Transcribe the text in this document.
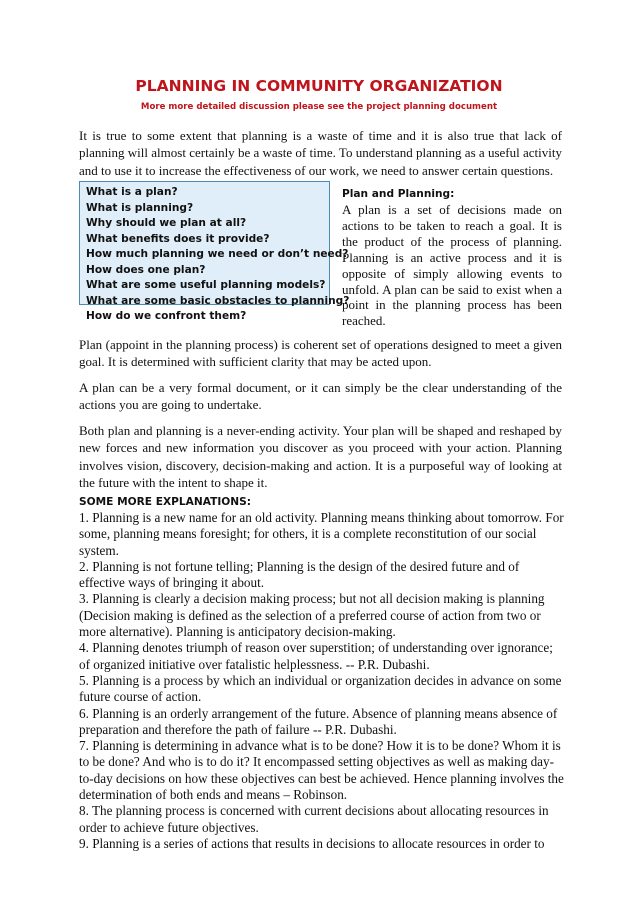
PLANNING IN COMMUNITY ORGANIZATION
More more detailed discussion please see the project planning document

It is true to some extent that planning is a waste of time and it is also true that lack of planning will almost certainly be a waste of time. To understand planning as a useful activity and to use it to increase the effectiveness of our work, we need to answer certain questions.

What is a plan?
What is planning?
Why should we plan at all?
What benefits does it provide?
How much planning we need or don’t need?
How does one plan?
What are some useful planning models?
What are some basic obstacles to planning?
How do we confront them?
Plan and Planning:

A plan is a set of decisions made on actions to be taken to reach a goal. It is the product of the process of planning. Planning is an active process and it is opposite of simply allowing events to unfold. A plan can be said to exist when a point in the planning process has been reached.

Plan (appoint in the planning process) is coherent set of operations designed to meet a given goal. It is determined with sufficient clarity that may be acted upon.

A plan can be a very formal document, or it can simply be the clear understanding of the actions you are going to undertake.

Both plan and planning is a never-ending activity. Your plan will be shaped and reshaped by new forces and new information you discover as you proceed with your action. Planning involves vision, discovery, decision-making and action. It is a purposeful way of looking at the future with the intent to shape it.

SOME MORE EXPLANATIONS:
1. Planning is a new name for an old activity. Planning means thinking about tomorrow. For some, planning means foresight; for others, it is a complete reconstitution of our social system.
2. Planning is not fortune telling; Planning is the design of the desired future and of effective ways of bringing it about.
3. Planning is clearly a decision making process; but not all decision making is planning (Decision making is defined as the selection of a preferred course of action from two or more alternative). Planning is anticipatory decision-making.
4. Planning denotes triumph of reason over superstition; of understanding over ignorance; of organized initiative over fatalistic helplessness. -- P.R. Dubashi.
5. Planning is a process by which an individual or organization decides in advance on some future course of action.
6. Planning is an orderly arrangement of the future. Absence of planning means absence of preparation and therefore the path of failure -- P.R. Dubashi.
7. Planning is determining in advance what is to be done? How it is to be done? Whom it is to be done? And who is to do it? It encompassed setting objectives as well as making day-to-day decisions on how these objectives can best be achieved. Hence planning involves the determination of both ends and means – Robinson.
8. The planning process is concerned with current decisions about allocating resources in order to achieve future objectives.
9. Planning is a series of actions that results in decisions to allocate resources in order to
